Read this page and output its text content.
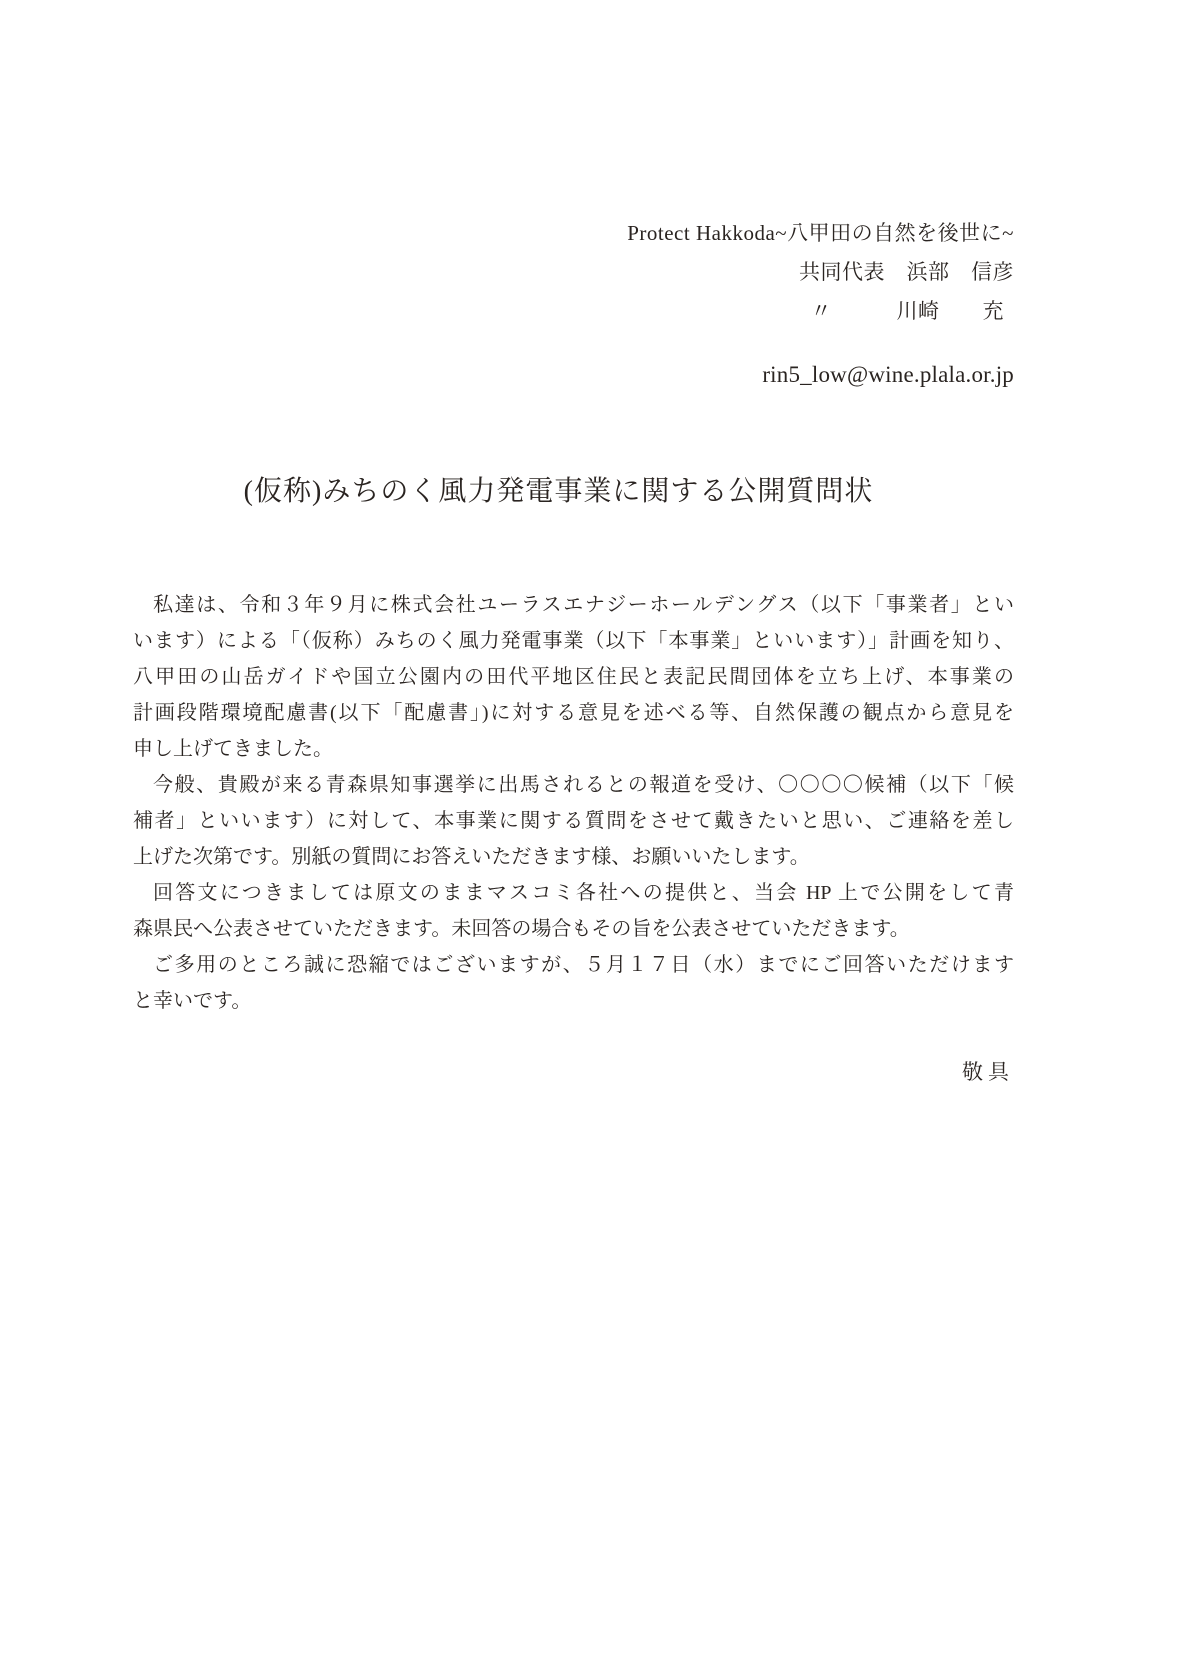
Protect Hakkoda~八甲田の自然を後世に~
共同代表　浜部　信彦
〃　　　川崎　　充
rin5_low@wine.plala.or.jp
(仮称)みちのく風力発電事業に関する公開質問状

私達は、令和３年９月に株式会社ユーラスエナジーホールデングス（以下「事業者」とい
います）による「（仮称）みちのく風力発電事業（以下「本事業」といいます）」計画を知り、
八甲田の山岳ガイドや国立公園内の田代平地区住民と表記民間団体を立ち上げ、本事業の
計画段階環境配慮書(以下「配慮書」)に対する意見を述べる等、自然保護の観点から意見を
申し上げてきました。

今般、貴殿が来る青森県知事選挙に出馬されるとの報道を受け、〇〇〇〇候補（以下「候
補者」といいます）に対して、本事業に関する質問をさせて戴きたいと思い、ご連絡を差し
上げた次第です。別紙の質問にお答えいただきます様、お願いいたします。

回答文につきましては原文のままマスコミ各社への提供と、当会 HP 上で公開をして青
森県民へ公表させていただきます。未回答の場合もその旨を公表させていただきます。

ご多用のところ誠に恐縮ではございますが、５月１７日（水）までにご回答いただけます
と幸いです。

敬具
